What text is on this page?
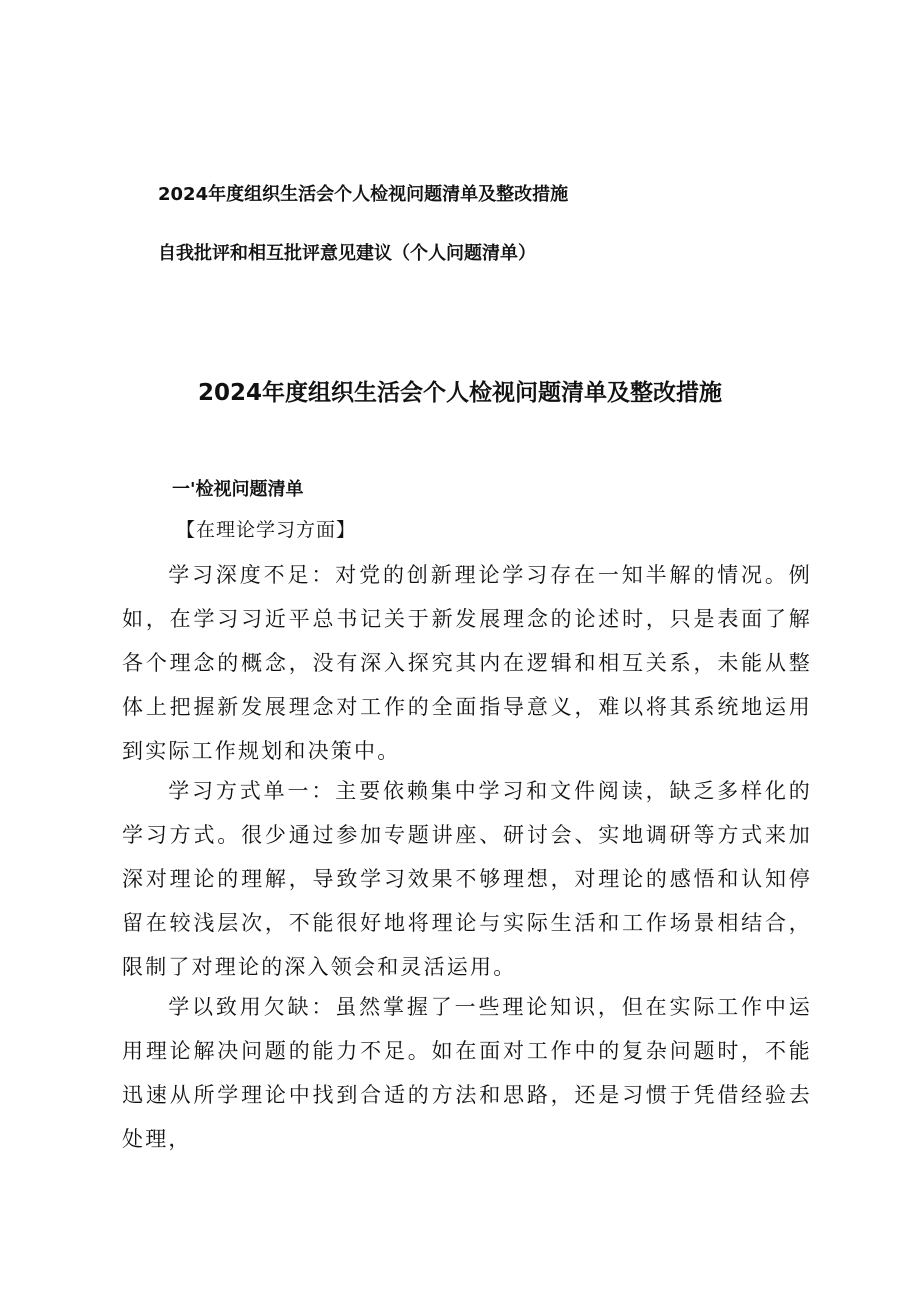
2024年度组织生活会个人检视问题清单及整改措施
自我批评和相互批评意见建议（个人问题清单）
2024年度组织生活会个人检视问题清单及整改措施
一'检视问题清单
【在理论学习方面】

学习深度不足：对党的创新理论学习存在一知半解的情况。例如，在学习习近平总书记关于新发展理念的论述时，只是表面了解各个理念的概念，没有深入探究其内在逻辑和相互关系，未能从整体上把握新发展理念对工作的全面指导意义，难以将其系统地运用到实际工作规划和决策中。

学习方式单一：主要依赖集中学习和文件阅读，缺乏多样化的学习方式。很少通过参加专题讲座、研讨会、实地调研等方式来加深对理论的理解，导致学习效果不够理想，对理论的感悟和认知停留在较浅层次，不能很好地将理论与实际生活和工作场景相结合，限制了对理论的深入领会和灵活运用。

学以致用欠缺：虽然掌握了一些理论知识，但在实际工作中运用理论解决问题的能力不足。如在面对工作中的复杂问题时，不能迅速从所学理论中找到合适的方法和思路，还是习惯于凭借经验去处理，
